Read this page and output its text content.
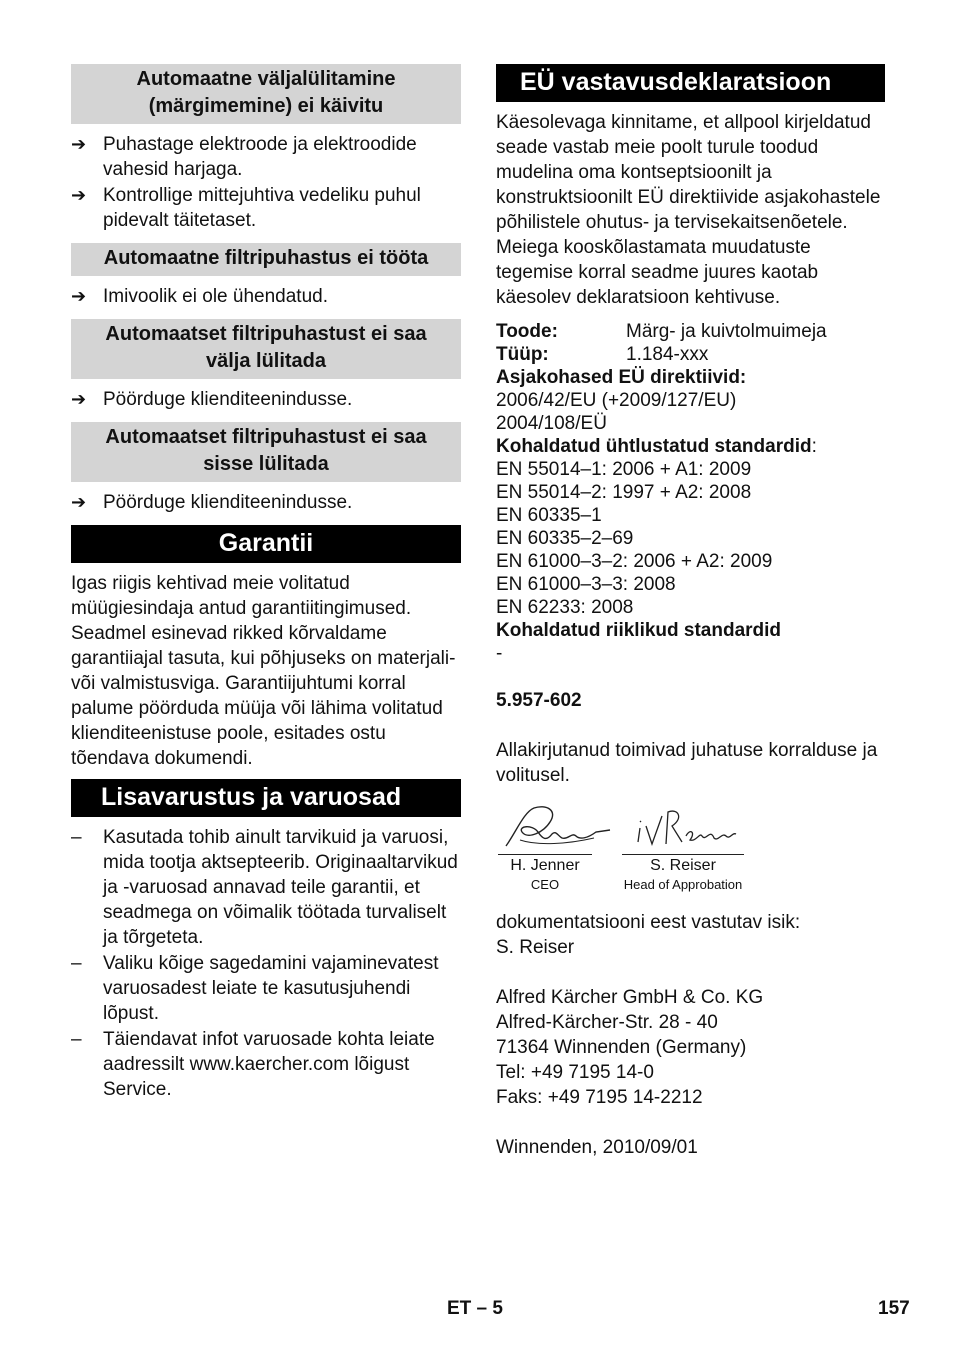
Automaatne väljalülitamine (märgimemine) ei käivitu
➔ Puhastage elektroode ja elektroodide vahesid harjaga.
➔ Kontrollige mittejuhtiva vedeliku puhul pidevalt täitetaset.
Automaatne filtripuhastus ei tööta
➔ Imivoolik ei ole ühendatud.
Automaatset filtripuhastust ei saa välja lülitada
➔ Pöörduge klienditeenindusse.
Automaatset filtripuhastust ei saa sisse lülitada
➔ Pöörduge klienditeenindusse.
Garantii

Igas riigis kehtivad meie volitatud müügiesindaja antud garantiitingimused. Seadmel esinevad rikked kõrvaldame garantiiajal tasuta, kui põhjuseks on materjali- või valmistusviga. Garantiijuhtumi korral palume pöörduda müüja või lähima volitatud klienditeenistuse poole, esitades ostu tõendava dokumendi.

Lisavarustus ja varuosad
–	Kasutada tohib ainult tarvikuid ja varuosi, mida tootja aktsepteerib. Originaaltarvikud ja -varuosad annavad teile garantii, et seadmega on võimalik töötada turvaliselt ja tõrgeteta.
–	Valiku kõige sagedamini vajaminevatest varuosadest leiate te kasutusjuhendi lõpust.
–	Täiendavat infot varuosade kohta leiate aadressilt www.kaercher.com lõigust Service.
EÜ vastavusdeklaratsioon

Käesolevaga kinnitame, et allpool kirjeldatud seade vastab meie poolt turule toodud mudelina oma kontseptsioonilt ja konstruktsioonilt EÜ direktiivide asjakohastele põhilistele ohutus- ja tervisekaitsenõetele. Meiega kooskõlastamata muudatuste tegemise korral seadme juures kaotab käesolev deklaratsioon kehtivuse.

Toode:	Märg- ja kuivtolmuimeja
Tüüp:	1.184-xxx
Asjakohased EÜ direktiivid:
2006/42/EU (+2009/127/EU)
2004/108/EÜ
Kohaldatud ühtlustatud standardid:
EN 55014–1: 2006 + A1: 2009
EN 55014–2: 1997 + A2: 2008
EN 60335–1
EN 60335–2–69
EN 61000–3–2: 2006 + A2: 2009
EN 61000–3–3: 2008
EN 62233: 2008
Kohaldatud riiklikud standardid
-
5.957-602

Allakirjutanud toimivad juhatuse korralduse ja volitusel.

H. Jenner
CEO
S. Reiser
Head of Approbation
dokumentatsiooni eest vastutav isik:
S. Reiser
Alfred Kärcher GmbH & Co. KG
Alfred-Kärcher-Str. 28 - 40
71364 Winnenden (Germany)
Tel: +49 7195 14-0
Faks: +49 7195 14-2212
Winnenden, 2010/09/01
ET – 5	157
